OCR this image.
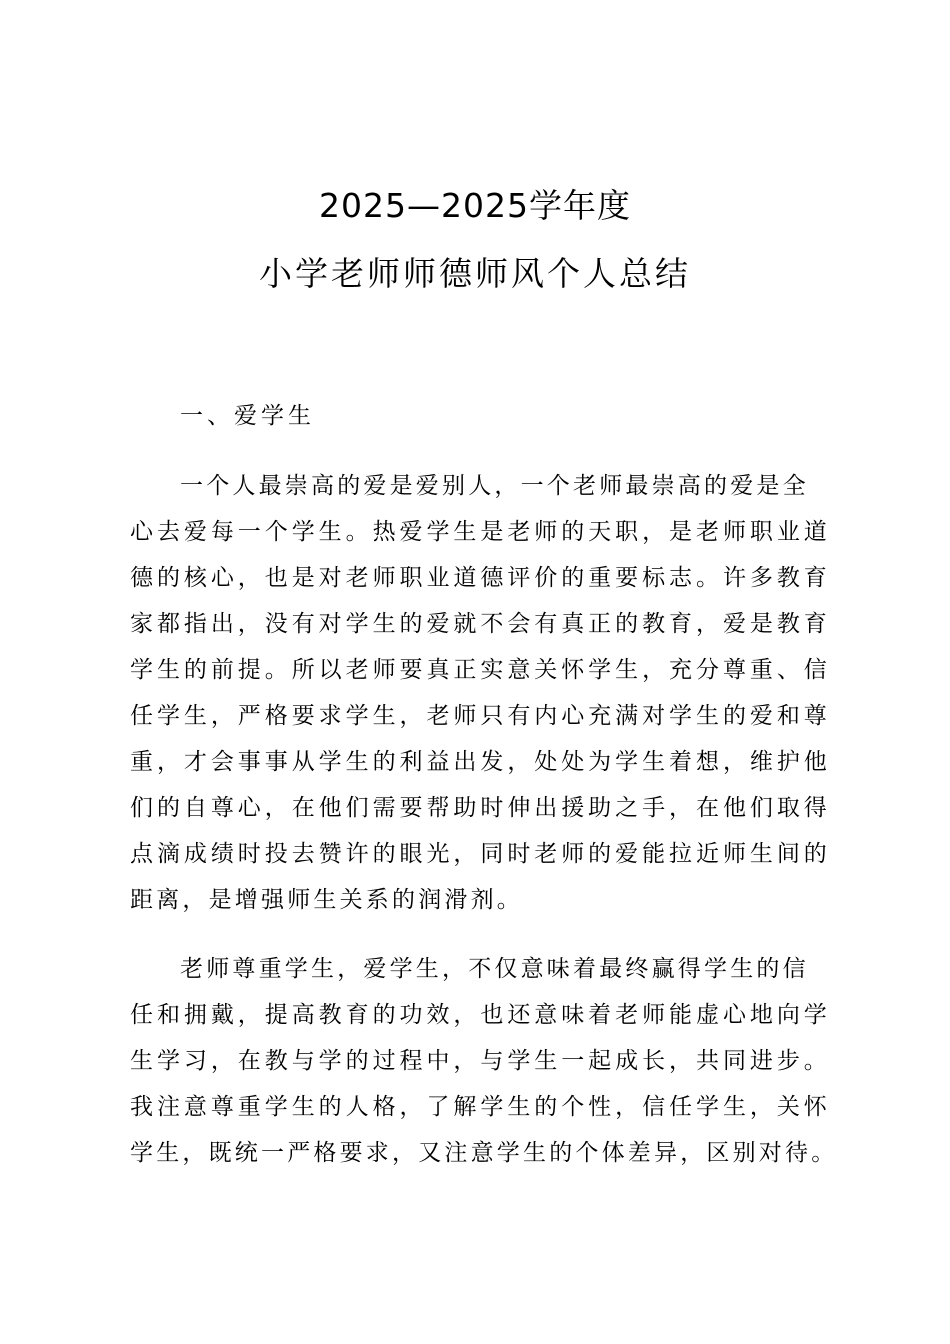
2025—2025学年度
小学老师师德师风个人总结
一、爱学生
一个人最崇高的爱是爱别人，一个老师最崇高的爱是全
心去爱每一个学生。热爱学生是老师的天职，是老师职业道
德的核心，也是对老师职业道德评价的重要标志。许多教育
家都指出，没有对学生的爱就不会有真正的教育，爱是教育
学生的前提。所以老师要真正实意关怀学生，充分尊重、信
任学生，严格要求学生，老师只有内心充满对学生的爱和尊
重，才会事事从学生的利益出发，处处为学生着想，维护他
们的自尊心，在他们需要帮助时伸出援助之手，在他们取得
点滴成绩时投去赞许的眼光，同时老师的爱能拉近师生间的
距离，是增强师生关系的润滑剂。
老师尊重学生，爱学生，不仅意味着最终赢得学生的信
任和拥戴，提高教育的功效，也还意味着老师能虚心地向学
生学习，在教与学的过程中，与学生一起成长，共同进步。
我注意尊重学生的人格，了解学生的个性，信任学生，关怀
学生，既统一严格要求，又注意学生的个体差异，区别对待。
